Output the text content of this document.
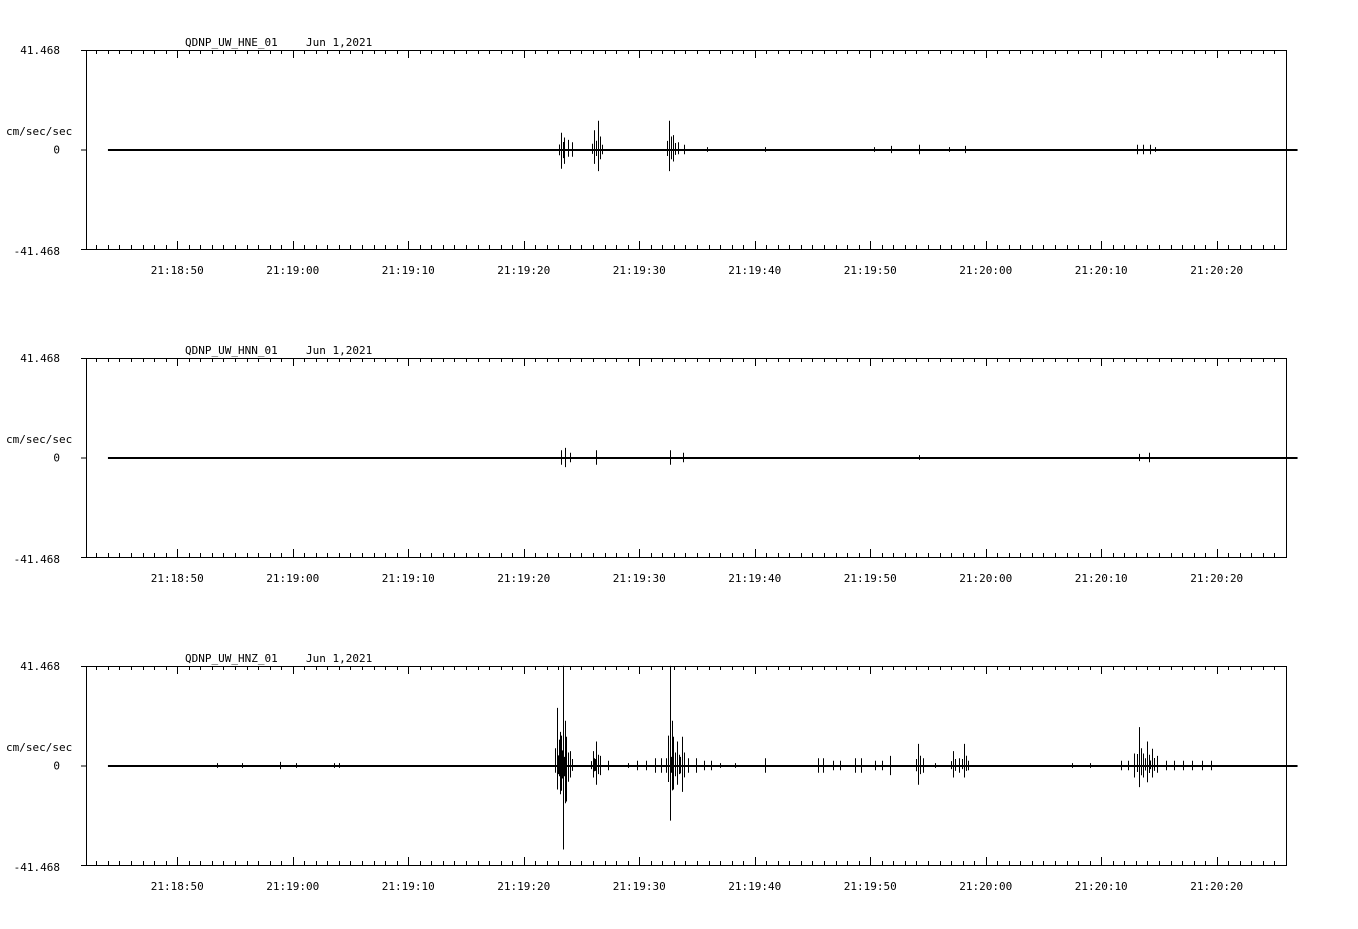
QDNP_UW_HNE_01	Jun 1,2021
41.468
0
-41.468
cm/sec/sec
21:18:50	21:19:00	21:19:10	21:19:20	21:19:30	21:19:40	21:19:50	21:20:00	21:20:10	21:20:20
QDNP_UW_HNN_01	Jun 1,2021
41.468
0
-41.468
cm/sec/sec
21:18:50	21:19:00	21:19:10	21:19:20	21:19:30	21:19:40	21:19:50	21:20:00	21:20:10	21:20:20
QDNP_UW_HNZ_01	Jun 1,2021
41.468
0
-41.468
cm/sec/sec
21:18:50	21:19:00	21:19:10	21:19:20	21:19:30	21:19:40	21:19:50	21:20:00	21:20:10	21:20:20
